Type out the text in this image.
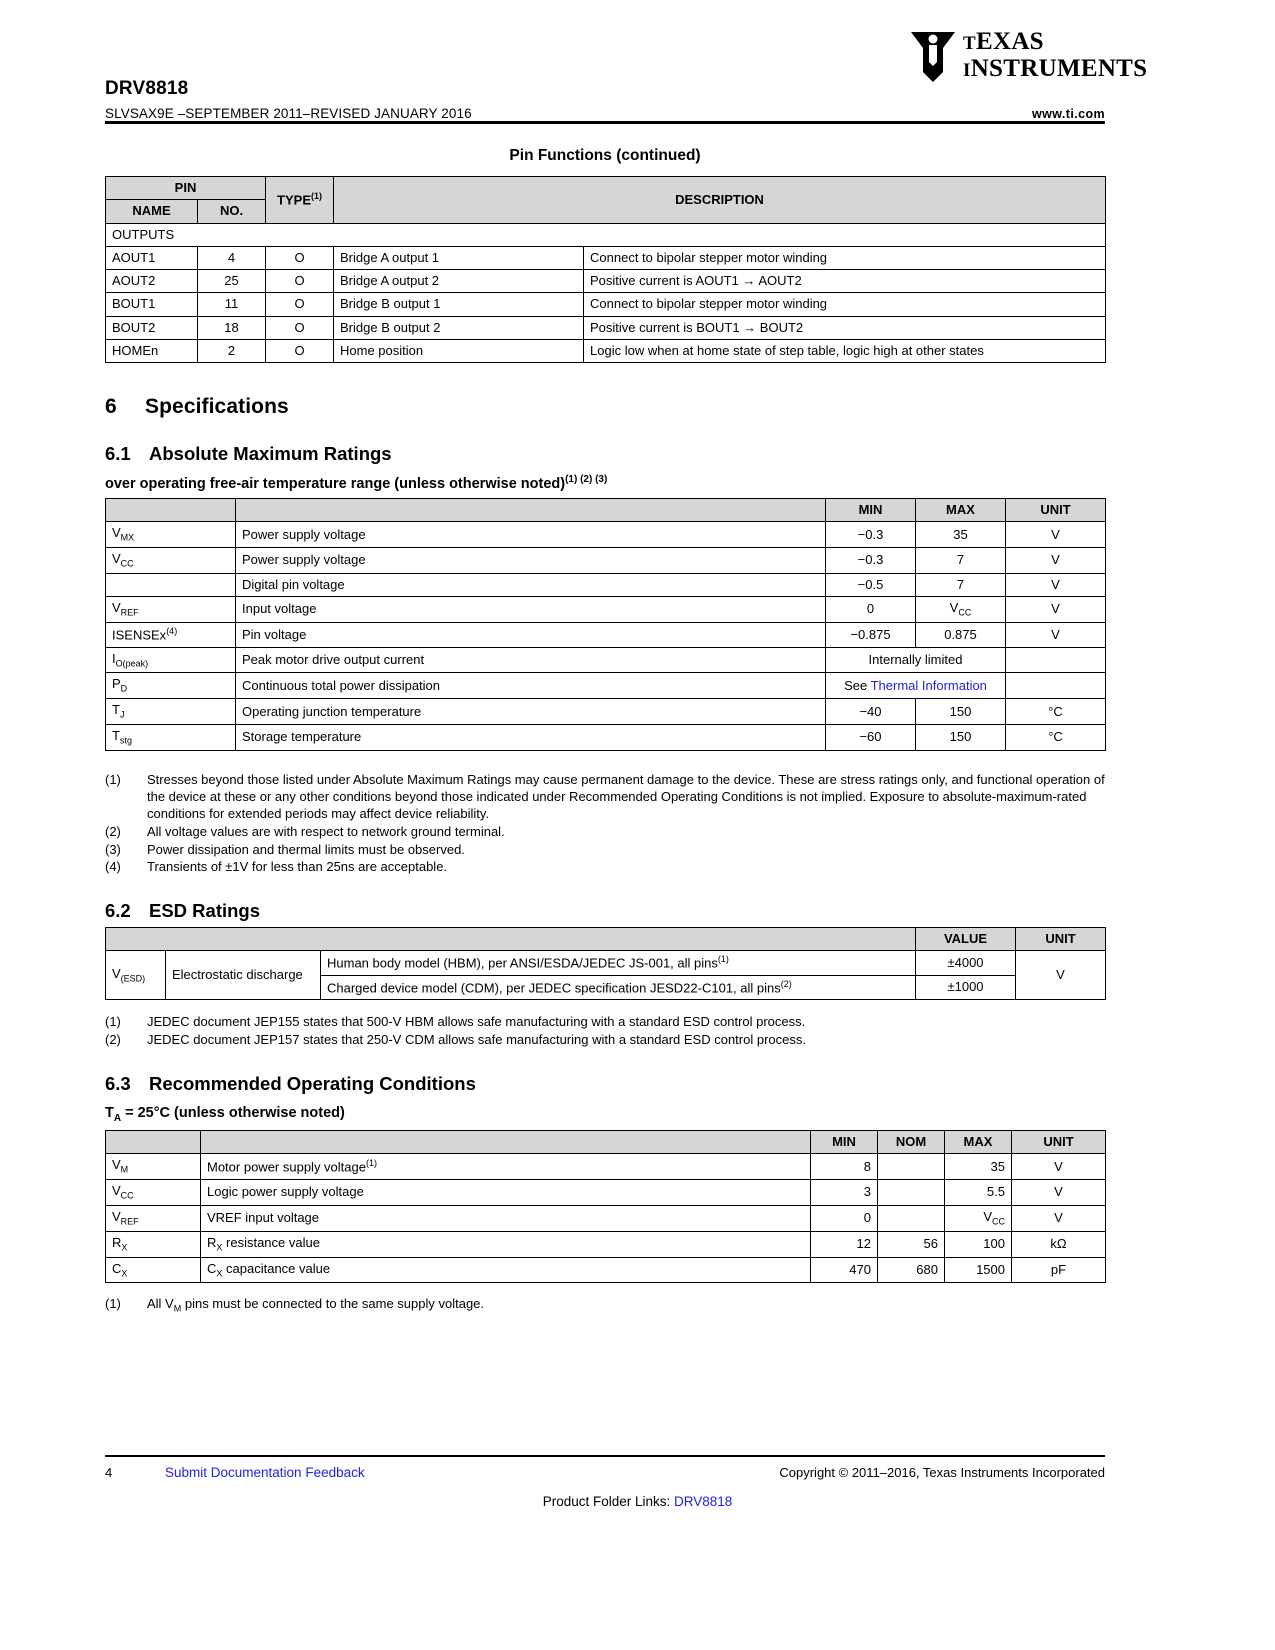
TEXAS
INSTRUMENTS
DRV8818
SLVSAX9E –SEPTEMBER 2011–REVISED JANUARY 2016	www.ti.com
Pin Functions (continued)
PIN		TYPE$^{(1)}$	DESCRIPTION	
NAME	NO.			
OUTPUTS				
AOUT1	4	O	Bridge A output 1	Connect to bipolar stepper motor winding
AOUT2	25	O	Bridge A output 2	Positive current is AOUT1 → AOUT2
BOUT1	11	O	Bridge B output 1	Connect to bipolar stepper motor winding
BOUT2	18	O	Bridge B output 2	Positive current is BOUT1 → BOUT2
HOMEn	2	O	Home position	Logic low when at home state of step table, logic high at other states
6 Specifications
6.1 Absolute Maximum Ratings
over operating free-air temperature range (unless otherwise noted)$^{(1) (2) (3)}$
		MIN	MAX	UNIT
$V_{MX}$	Power supply voltage	−0.3	35	V
$V_{CC}$	Power supply voltage	−0.3	7	V
	Digital pin voltage	−0.5	7	V
$V_{REF}$	Input voltage	0	$V_{CC}$	V
ISENSEx$^{(4)}$	Pin voltage	−0.875	0.875	V
$I_{O(peak)}$	Peak motor drive output current	Internally limited		
$P_D$	Continuous total power dissipation	See Thermal Information		
$T_J$	Operating junction temperature	−40	150	°C
$T_{stg}$	Storage temperature	−60	150	°C
(1)	Stresses beyond those listed under Absolute Maximum Ratings may cause permanent damage to the device. These are stress ratings only, and functional operation of the device at these or any other conditions beyond those indicated under Recommended Operating Conditions is not implied. Exposure to absolute-maximum-rated conditions for extended periods may affect device reliability.
(2)	All voltage values are with respect to network ground terminal.
(3)	Power dissipation and thermal limits must be observed.
(4)	Transients of ±1V for less than 25ns are acceptable.
6.2 ESD Ratings
			VALUE	UNIT
$V_{(ESD)}$	Electrostatic discharge	Human body model (HBM), per ANSI/ESDA/JEDEC JS-001, all pins$^{(1)}$	±4000	V
		Charged device model (CDM), per JEDEC specification JESD22-C101, all pins$^{(2)}$	±1000	
(1)	JEDEC document JEP155 states that 500-V HBM allows safe manufacturing with a standard ESD control process.
(2)	JEDEC document JEP157 states that 250-V CDM allows safe manufacturing with a standard ESD control process.
6.3 Recommended Operating Conditions
$T_A = 25^\circ C$ (unless otherwise noted)
		MIN	NOM	MAX	UNIT
$V_M$	Motor power supply voltage$^{(1)}$	8		35	V
$V_{CC}$	Logic power supply voltage	3		5.5	V
$V_{REF}$	VREF input voltage	0		$V_{CC}$	V
$R_X$	$R_X$ resistance value	12	56	100	kΩ
$C_X$	$C_X$ capacitance value	470	680	1500	pF
(1)	All $V_M$ pins must be connected to the same supply voltage.
4	Submit Documentation Feedback	Copyright © 2011–2016, Texas Instruments Incorporated
Product Folder Links: DRV8818
